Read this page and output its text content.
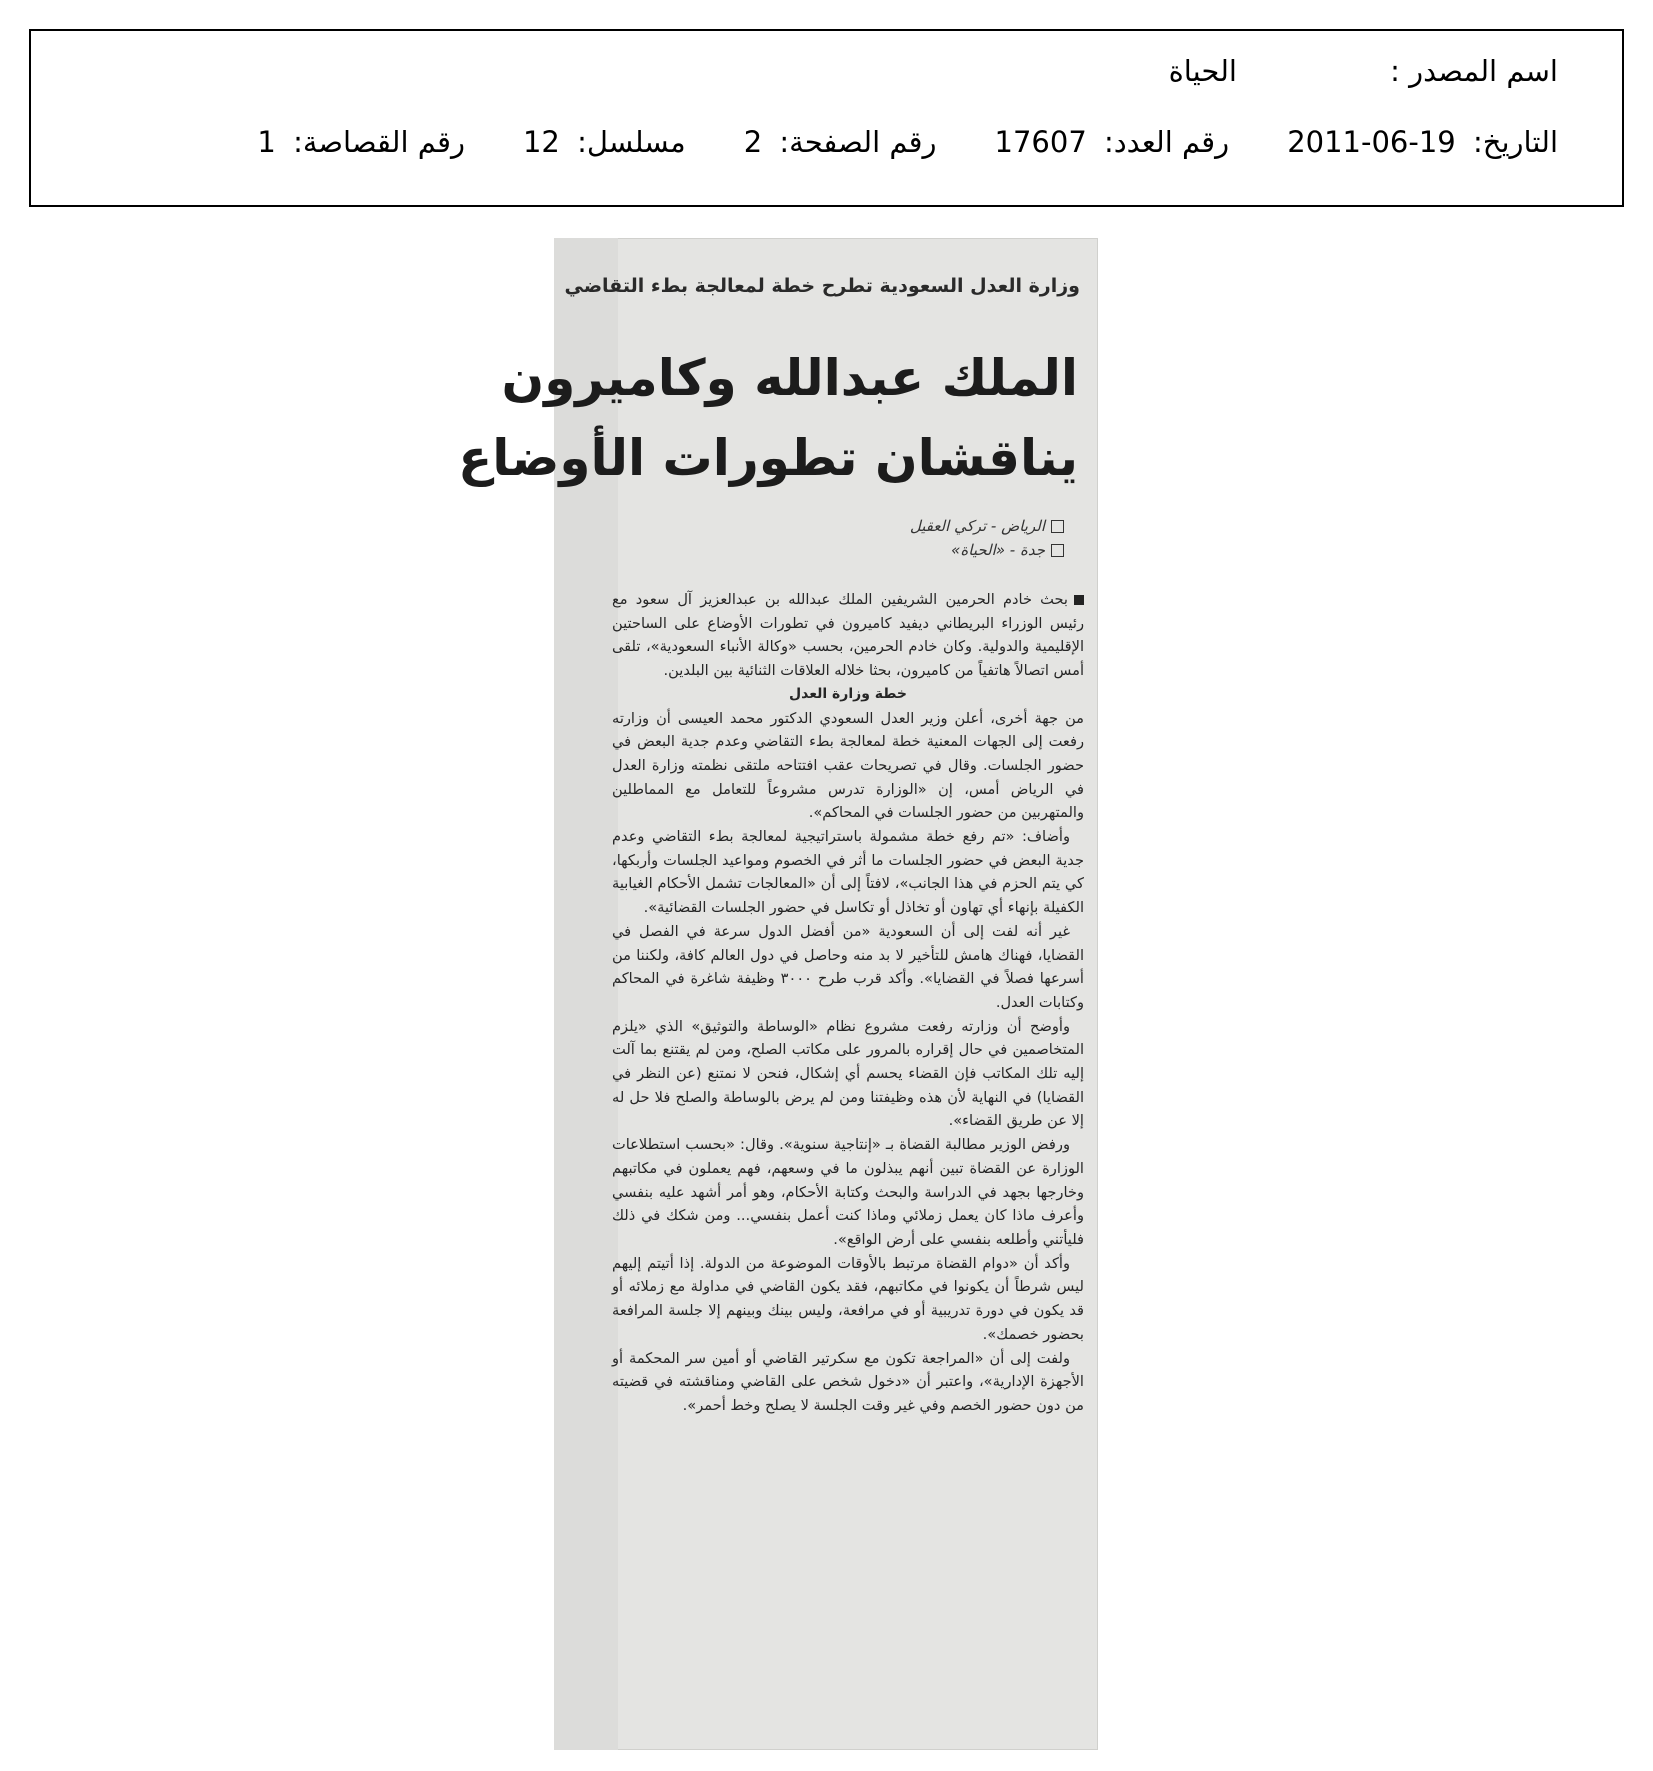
اسم المصدر :
الحياة
التاريخ: 2011-06-19
رقم العدد: 17607
رقم الصفحة: 2
مسلسل: 12
رقم القصاصة: 1
وزارة العدل السعودية تطرح خطة لمعالجة بطء التقاضي
الملك عبدالله وكاميرون
يناقشان تطورات الأوضاع
الرياض - تركي العقيل
جدة - «الحياة»

بحث خادم الحرمين الشريفين الملك عبدالله بن عبدالعزيز آل سعود مع رئيس الوزراء البريطاني ديفيد كاميرون في تطورات الأوضاع على الساحتين الإقليمية والدولية. وكان خادم الحرمين، بحسب «وكالة الأنباء السعودية»، تلقى أمس اتصالاً هاتفياً من كاميرون، بحثا خلاله العلاقات الثنائية بين البلدين.

خطة وزارة العدل

من جهة أخرى، أعلن وزير العدل السعودي الدكتور محمد العيسى أن وزارته رفعت إلى الجهات المعنية خطة لمعالجة بطء التقاضي وعدم جدية البعض في حضور الجلسات. وقال في تصريحات عقب افتتاحه ملتقى نظمته وزارة العدل في الرياض أمس، إن «الوزارة تدرس مشروعاً للتعامل مع المماطلين والمتهربين من حضور الجلسات في المحاكم».

وأضاف: «تم رفع خطة مشمولة باستراتيجية لمعالجة بطء التقاضي وعدم جدية البعض في حضور الجلسات ما أثر في الخصوم ومواعيد الجلسات وأربكها، كي يتم الحزم في هذا الجانب»، لافتاً إلى أن «المعالجات تشمل الأحكام الغيابية الكفيلة بإنهاء أي تهاون أو تخاذل أو تكاسل في حضور الجلسات القضائية».

غير أنه لفت إلى أن السعودية «من أفضل الدول سرعة في الفصل في القضايا، فهناك هامش للتأخير لا بد منه وحاصل في دول العالم كافة، ولكننا من أسرعها فصلاً في القضايا». وأكد قرب طرح ٣٠٠٠ وظيفة شاغرة في المحاكم وكتابات العدل.

وأوضح أن وزارته رفعت مشروع نظام «الوساطة والتوثيق» الذي «يلزم المتخاصمين في حال إقراره بالمرور على مكاتب الصلح، ومن لم يقتنع بما آلت إليه تلك المكاتب فإن القضاء يحسم أي إشكال، فنحن لا نمتنع (عن النظر في القضايا) في النهاية لأن هذه وظيفتنا ومن لم يرض بالوساطة والصلح فلا حل له إلا عن طريق القضاء».

ورفض الوزير مطالبة القضاة بـ «إنتاجية سنوية». وقال: «بحسب استطلاعات الوزارة عن القضاة تبين أنهم يبذلون ما في وسعهم، فهم يعملون في مكاتبهم وخارجها بجهد في الدراسة والبحث وكتابة الأحكام، وهو أمر أشهد عليه بنفسي وأعرف ماذا كان يعمل زملائي وماذا كنت أعمل بنفسي... ومن شكك في ذلك فليأتني وأطلعه بنفسي على أرض الواقع».

وأكد أن «دوام القضاة مرتبط بالأوقات الموضوعة من الدولة. إذا أتيتم إليهم ليس شرطاً أن يكونوا في مكاتبهم، فقد يكون القاضي في مداولة مع زملائه أو قد يكون في دورة تدريبية أو في مرافعة، وليس بينك وبينهم إلا جلسة المرافعة بحضور خصمك».

ولفت إلى أن «المراجعة تكون مع سكرتير القاضي أو أمين سر المحكمة أو الأجهزة الإدارية»، واعتبر أن «دخول شخص على القاضي ومناقشته في قضيته من دون حضور الخصم وفي غير وقت الجلسة لا يصلح وخط أحمر».
